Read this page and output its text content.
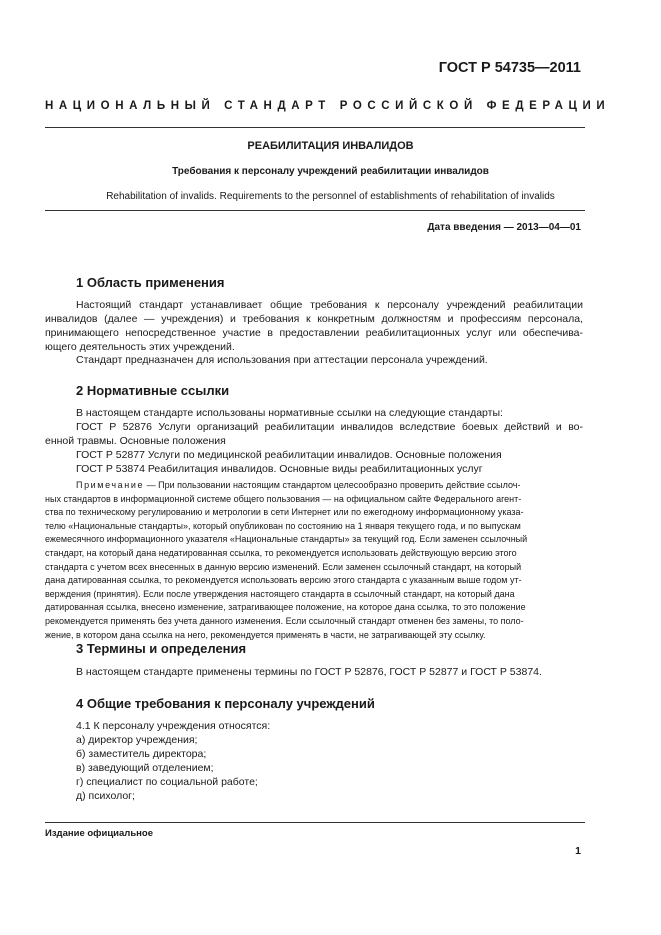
ГОСТ Р 54735—2011
НАЦИОНАЛЬНЫЙ СТАНДАРТ РОССИЙСКОЙ ФЕДЕРАЦИИ
РЕАБИЛИТАЦИЯ ИНВАЛИДОВ
Требования к персоналу учреждений реабилитации инвалидов
Rehabilitation of invalids. Requirements to the personnel of establishments of rehabilitation of invalids
Дата введения — 2013—04—01
1 Область применения
Настоящий стандарт устанавливает общие требования к персоналу учреждений реабилитации
инвалидов (далее — учреждения) и требования к конкретным должностям и профессиям персонала,
принимающего непосредственное участие в предоставлении реабилитационных услуг или обеспечива-
ющего деятельность этих учреждений.
Стандарт предназначен для использования при аттестации персонала учреждений.
2 Нормативные ссылки
В настоящем стандарте использованы нормативные ссылки на следующие стандарты:
ГОСТ Р 52876 Услуги организаций реабилитации инвалидов вследствие боевых действий и во-
енной травмы. Основные положения
ГОСТ Р 52877 Услуги по медицинской реабилитации инвалидов. Основные положения
ГОСТ Р 53874 Реабилитация инвалидов. Основные виды реабилитационных услуг
Примечание — При пользовании настоящим стандартом целесообразно проверить действие ссылоч-
ных стандартов в информационной системе общего пользования — на официальном сайте Федерального агент-
ства по техническому регулированию и метрологии в сети Интернет или по ежегодному информационному указа-
телю «Национальные стандарты», который опубликован по состоянию на 1 января текущего года, и по выпускам
ежемесячного информационного указателя «Национальные стандарты» за текущий год. Если заменен ссылочный
стандарт, на который дана недатированная ссылка, то рекомендуется использовать действующую версию этого
стандарта с учетом всех внесенных в данную версию изменений. Если заменен ссылочный стандарт, на который
дана датированная ссылка, то рекомендуется использовать версию этого стандарта с указанным выше годом ут-
верждения (принятия). Если после утверждения настоящего стандарта в ссылочный стандарт, на который дана
датированная ссылка, внесено изменение, затрагивающее положение, на которое дана ссылка, то это положение
рекомендуется применять без учета данного изменения. Если ссылочный стандарт отменен без замены, то поло-
жение, в котором дана ссылка на него, рекомендуется применять в части, не затрагивающей эту ссылку.
3 Термины и определения
В настоящем стандарте применены термины по ГОСТ Р 52876, ГОСТ Р 52877 и ГОСТ Р 53874.
4 Общие требования к персоналу учреждений
4.1 К персоналу учреждения относятся:
а) директор учреждения;
б) заместитель директора;
в) заведующий отделением;
г) специалист по социальной работе;
д) психолог;
Издание официальное
1
